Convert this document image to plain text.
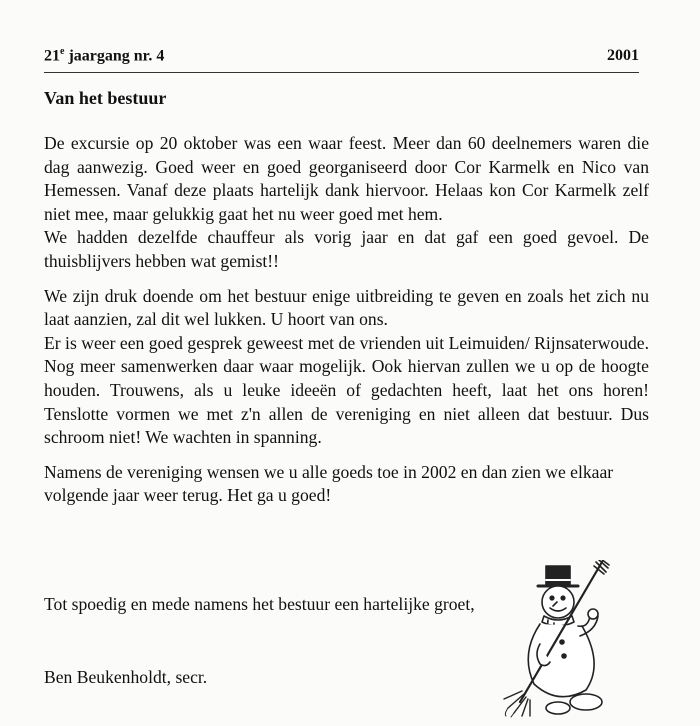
21e jaargang nr. 4	2001
Van het bestuur

De excursie op 20 oktober was een waar feest. Meer dan 60 deelnemers waren die dag aanwezig. Goed weer en goed georganiseerd door Cor Karmelk en Nico van Hemessen. Vanaf deze plaats hartelijk dank hiervoor. Helaas kon Cor Karmelk zelf niet mee, maar gelukkig gaat het nu weer goed met hem.

We hadden dezelfde chauffeur als vorig jaar en dat gaf een goed gevoel. De thuisblijvers hebben wat gemist!!

We zijn druk doende om het bestuur enige uitbreiding te geven en zoals het zich nu laat aanzien, zal dit wel lukken. U hoort van ons.

Er is weer een goed gesprek geweest met de vrienden uit Leimuiden/ Rijnsaterwoude. Nog meer samenwerken daar waar mogelijk. Ook hiervan zullen we u op de hoogte houden. Trouwens, als u leuke ideeën of gedachten heeft, laat het ons horen! Tenslotte vormen we met z'n allen de vereniging en niet alleen dat bestuur. Dus schroom niet! We wachten in spanning.

Namens de vereniging wensen we u alle goeds toe in 2002 en dan zien we elkaar volgende jaar weer terug. Het ga u goed!

Tot spoedig en mede namens het bestuur een hartelijke groet,

Ben Beukenholdt, secr.
